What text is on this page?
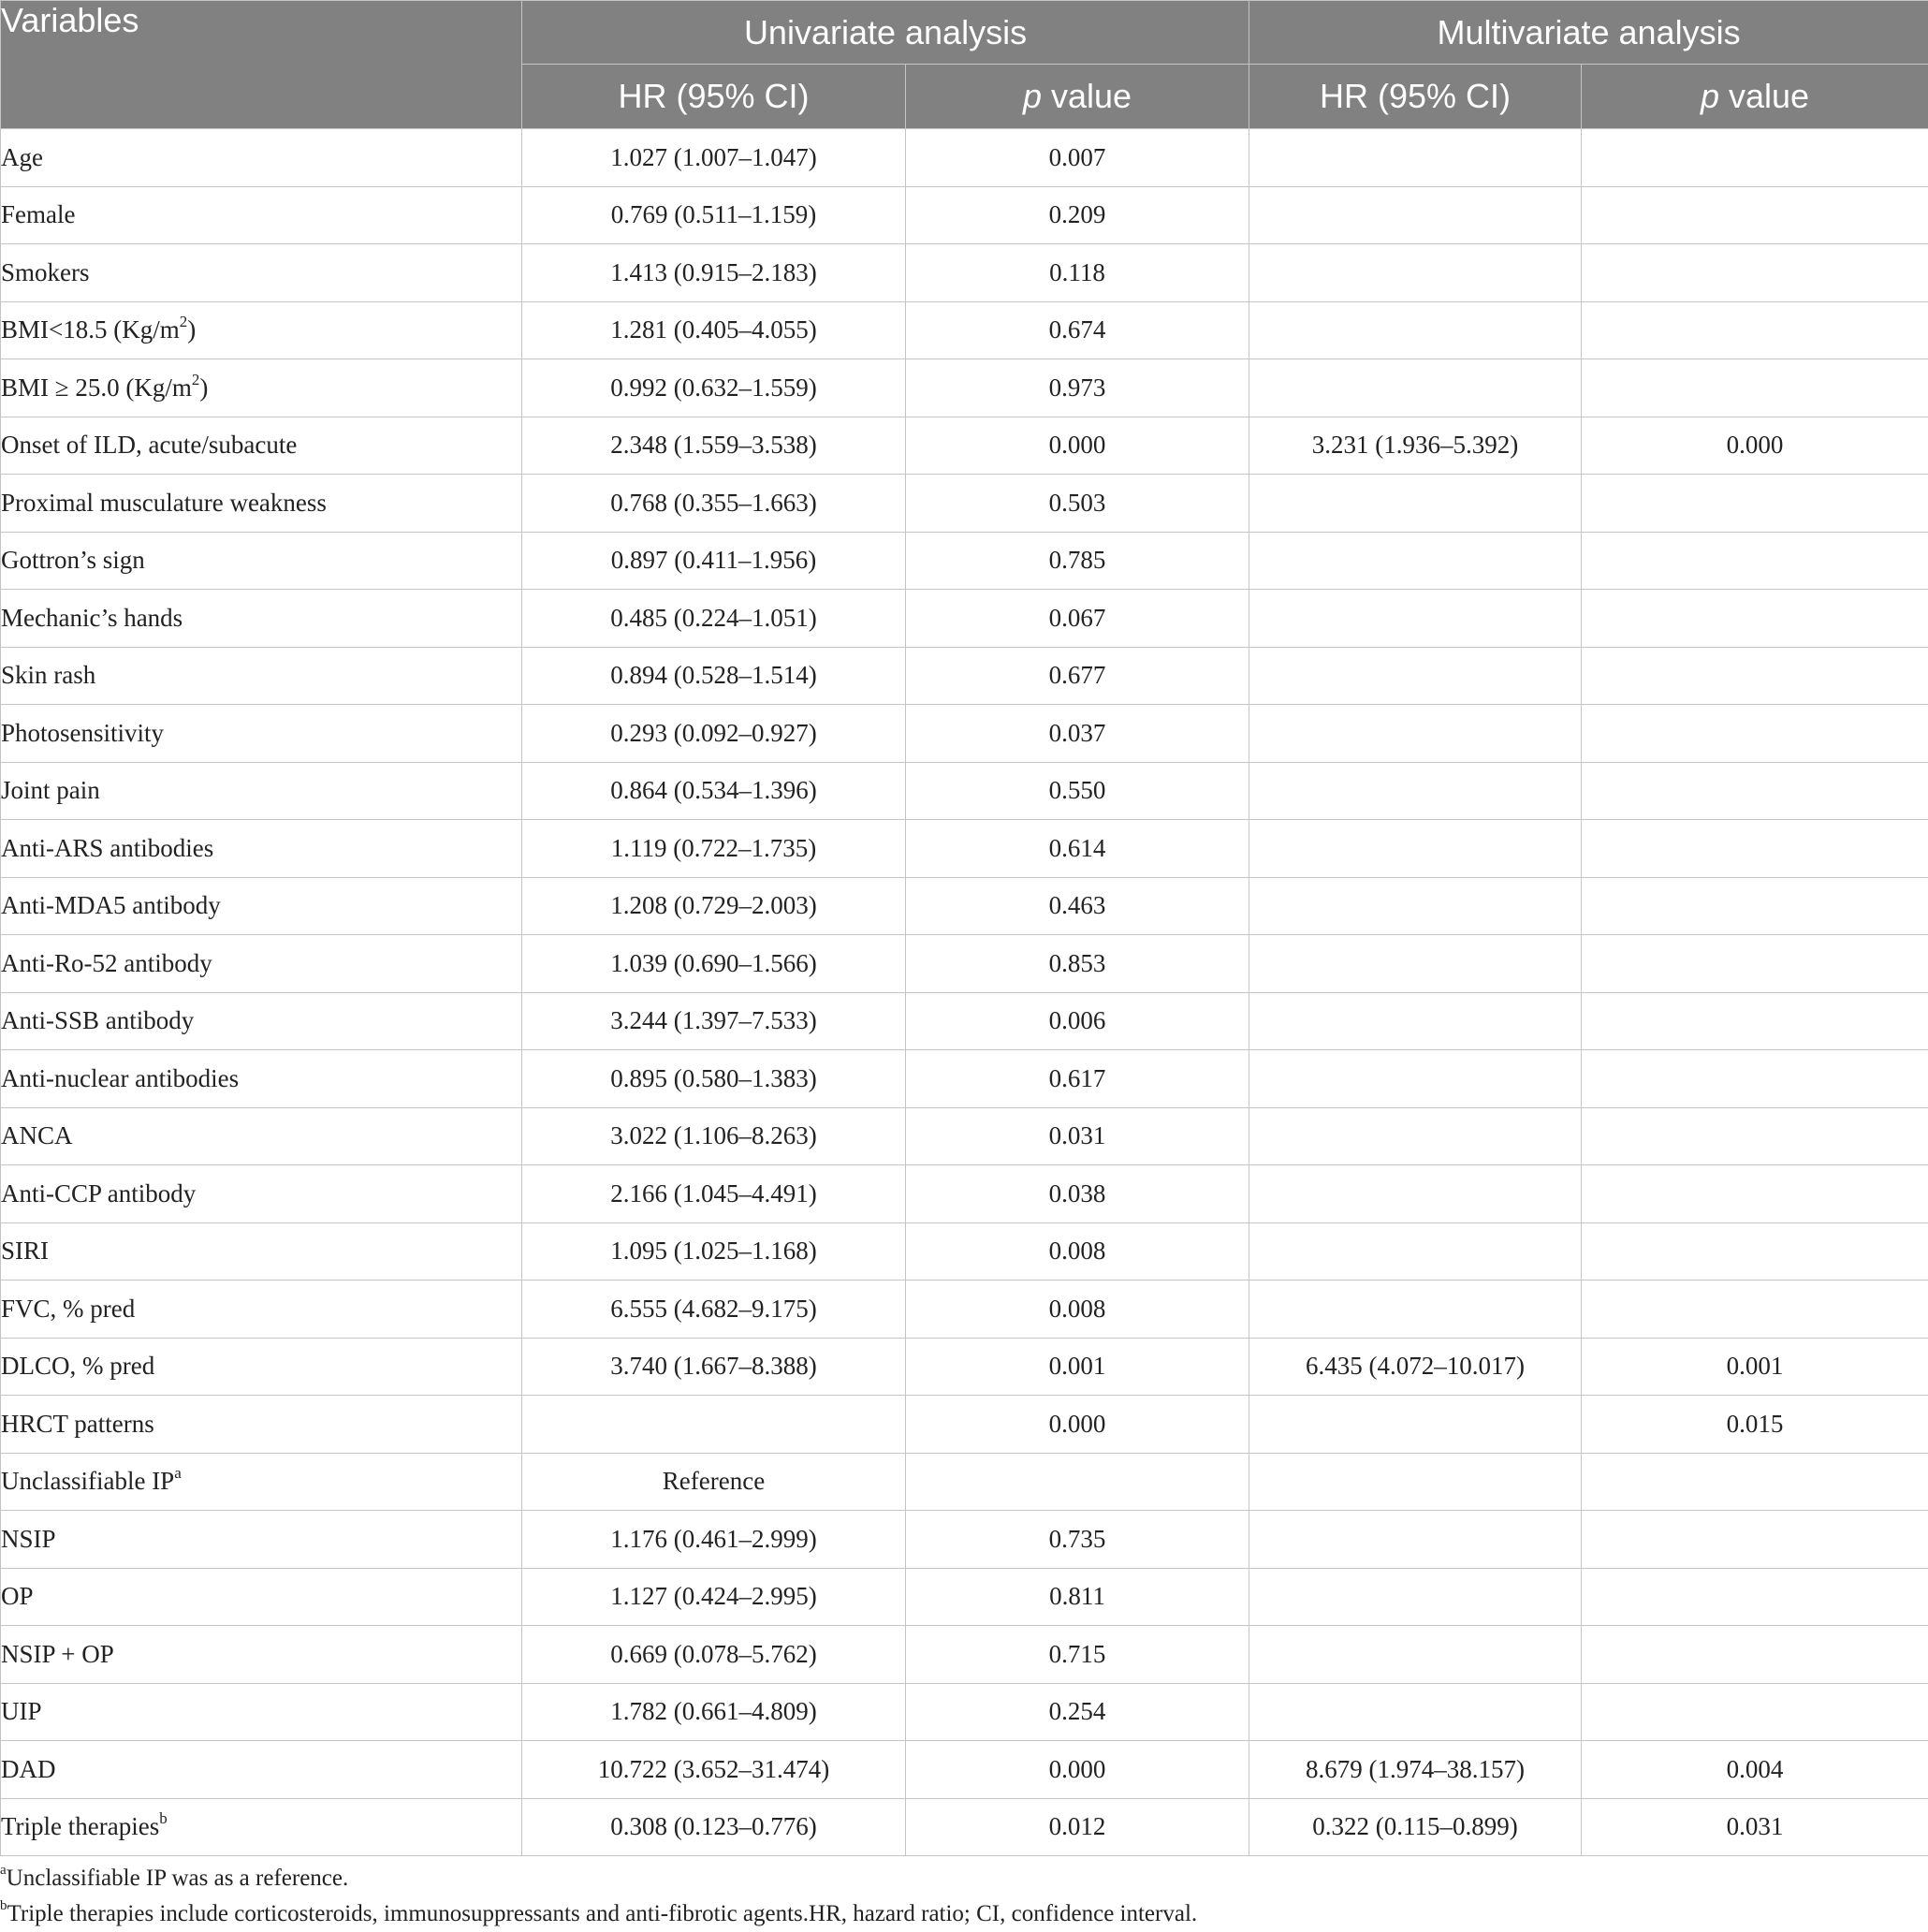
Variables	Univariate analysis		Multivariate analysis	
	HR (95% CI)	p value	HR (95% CI)	p value
Age	1.027 (1.007–1.047)	0.007		
Female	0.769 (0.511–1.159)	0.209		
Smokers	1.413 (0.915–2.183)	0.118		
BMI<18.5 $(Kg/m^2)$	1.281 (0.405–4.055)	0.674		
BMI ≥ 25.0 $(Kg/m^2)$	0.992 (0.632–1.559)	0.973		
Onset of ILD, acute/subacute	2.348 (1.559–3.538)	0.000	3.231 (1.936–5.392)	0.000
Proximal musculature weakness	0.768 (0.355–1.663)	0.503		
Gottron’s sign	0.897 (0.411–1.956)	0.785		
Mechanic’s hands	0.485 (0.224–1.051)	0.067		
Skin rash	0.894 (0.528–1.514)	0.677		
Photosensitivity	0.293 (0.092–0.927)	0.037		
Joint pain	0.864 (0.534–1.396)	0.550		
Anti-ARS antibodies	1.119 (0.722–1.735)	0.614		
Anti-MDA5 antibody	1.208 (0.729–2.003)	0.463		
Anti-Ro-52 antibody	1.039 (0.690–1.566)	0.853		
Anti-SSB antibody	3.244 (1.397–7.533)	0.006		
Anti-nuclear antibodies	0.895 (0.580–1.383)	0.617		
ANCA	3.022 (1.106–8.263)	0.031		
Anti-CCP antibody	2.166 (1.045–4.491)	0.038		
SIRI	1.095 (1.025–1.168)	0.008		
FVC, % pred	6.555 (4.682–9.175)	0.008		
DLCO, % pred	3.740 (1.667–8.388)	0.001	6.435 (4.072–10.017)	0.001
HRCT patterns		0.000		0.015
Unclassifiable $IP^a$	Reference			
NSIP	1.176 (0.461–2.999)	0.735		
OP	1.127 (0.424–2.995)	0.811		
NSIP + OP	0.669 (0.078–5.762)	0.715		
UIP	1.782 (0.661–4.809)	0.254		
DAD	10.722 (3.652–31.474)	0.000	8.679 (1.974–38.157)	0.004
Triple therapies$^b$	0.308 (0.123–0.776)	0.012	0.322 (0.115–0.899)	0.031

$^a$Unclassifiable IP was as a reference.

$^b$Triple therapies include corticosteroids, immunosuppressants and anti-fibrotic agents.HR, hazard ratio; CI, confidence interval.
